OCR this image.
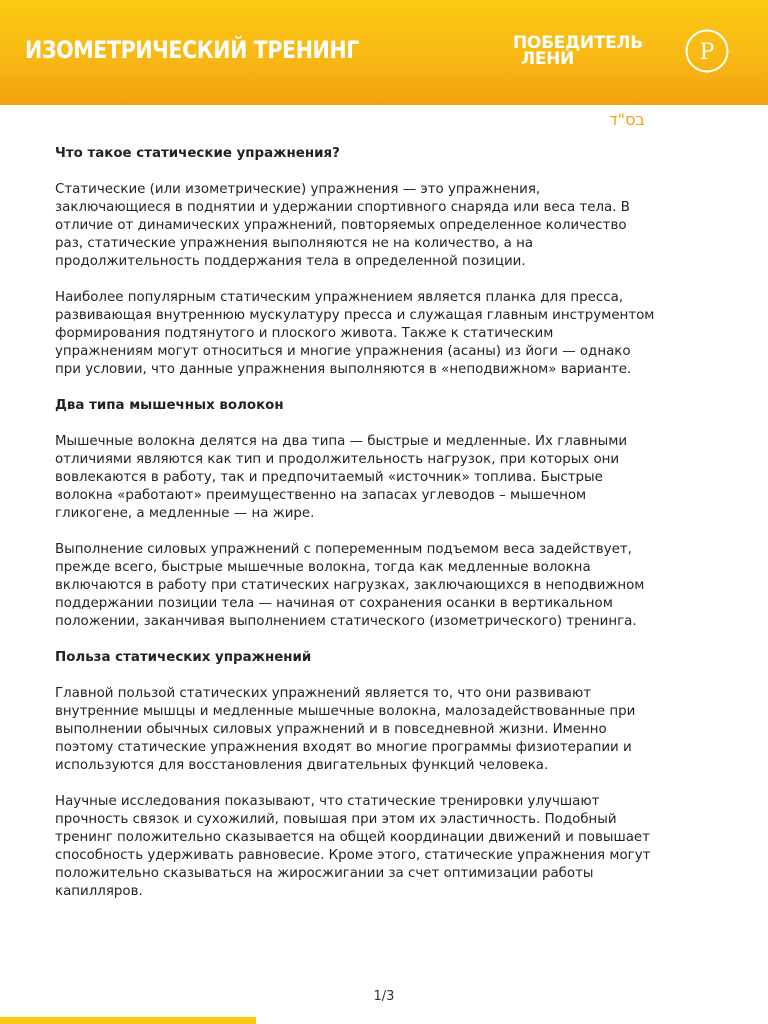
ИЗОМЕТРИЧЕСКИЙ ТРЕНИНГ	ПОБЕДИТЕЛЬ
ЛЕНИ	P
בס"ד
Что такое статические упражнения?

Статические (или изометрические) упражнения — это упражнения, заключающиеся в поднятии и удержании спортивного снаряда или веса тела. В отличие от динамических упражнений, повторяемых определенное количество раз, статические упражнения выполняются не на количество, а на продолжительность поддержания тела в определенной позиции.

Наиболее популярным статическим упражнением является планка для пресса, развивающая внутреннюю мускулатуру пресса и служащая главным инструментом формирования подтянутого и плоского живота. Также к статическим упражнениям могут относиться и многие упражнения (асаны) из йоги — однако при условии, что данные упражнения выполняются в «неподвижном» варианте.

Два типа мышечных волокон

Мышечные волокна делятся на два типа — быстрые и медленные. Их главными отличиями являются как тип и продолжительность нагрузок, при которых они вовлекаются в работу, так и предпочитаемый «источник» топлива. Быстрые волокна «работают» преимущественно на запасах углеводов – мышечном гликогене, а медленные — на жире.

Выполнение силовых упражнений с попеременным подъемом веса задействует, прежде всего, быстрые мышечные волокна, тогда как медленные волокна включаются в работу при статических нагрузках, заключающихся в неподвижном поддержании позиции тела — начиная от сохранения осанки в вертикальном положении, заканчивая выполнением статического (изометрического) тренинга.

Польза статических упражнений

Главной пользой статических упражнений является то, что они развивают внутренние мышцы и медленные мышечные волокна, малозадействованные при выполнении обычных силовых упражнений и в повседневной жизни. Именно поэтому статические упражнения входят во многие программы физиотерапии и используются для восстановления двигательных функций человека.

Научные исследования показывают, что статические тренировки улучшают прочность связок и сухожилий, повышая при этом их эластичность. Подобный тренинг положительно сказывается на общей координации движений и повышает способность удерживать равновесие. Кроме этого, статические упражнения могут положительно сказываться на жиросжигании за счет оптимизации работы капилляров.

1/3
